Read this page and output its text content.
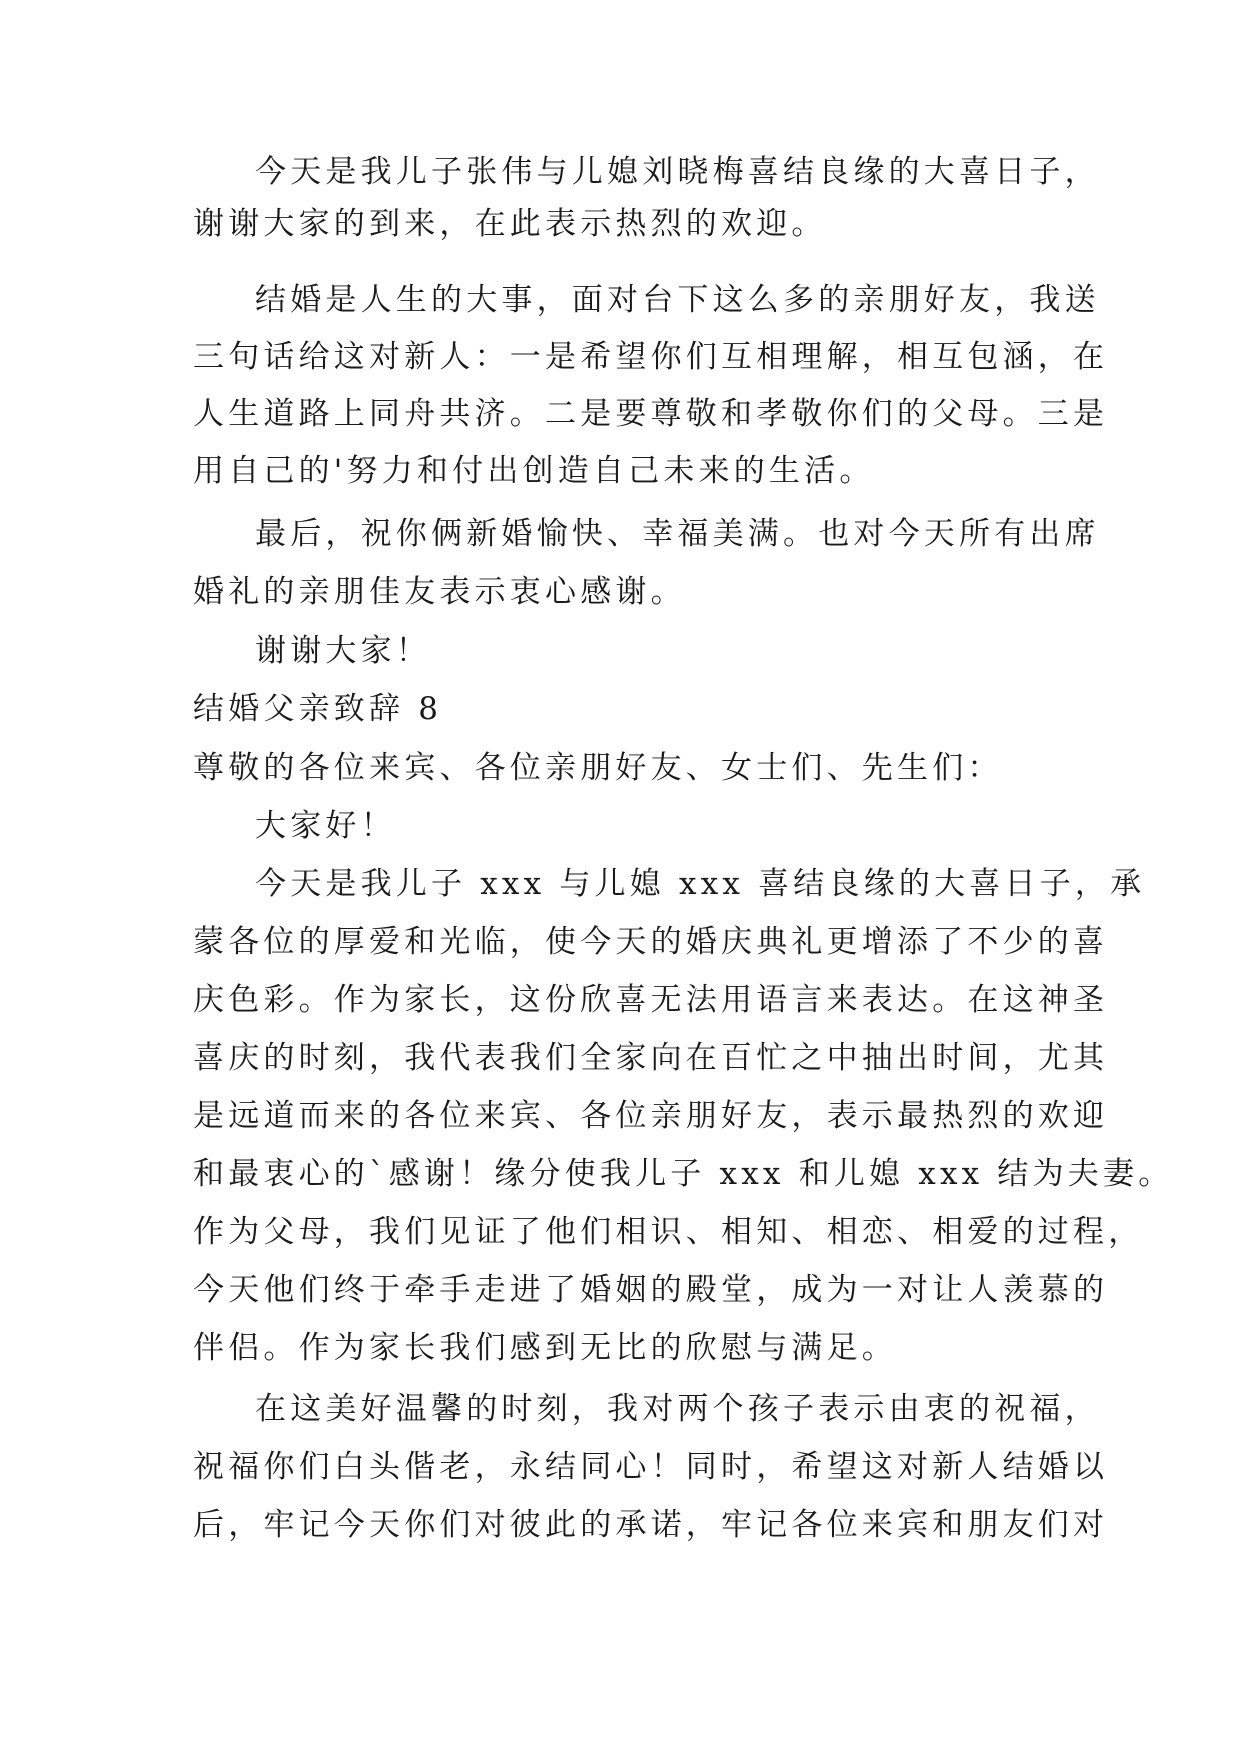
今天是我儿子张伟与儿媳刘晓梅喜结良缘的大喜日子，
谢谢大家的到来，在此表示热烈的欢迎。
结婚是人生的大事，面对台下这么多的亲朋好友，我送
三句话给这对新人：一是希望你们互相理解，相互包涵，在
人生道路上同舟共济。二是要尊敬和孝敬你们的父母。三是
用自己的'努力和付出创造自己未来的生活。
最后，祝你俩新婚愉快、幸福美满。也对今天所有出席
婚礼的亲朋佳友表示衷心感谢。
谢谢大家！
结婚父亲致辞 8
尊敬的各位来宾、各位亲朋好友、女士们、先生们：
大家好！
今天是我儿子 xxx 与儿媳 xxx 喜结良缘的大喜日子，承
蒙各位的厚爱和光临，使今天的婚庆典礼更增添了不少的喜
庆色彩。作为家长，这份欣喜无法用语言来表达。在这神圣
喜庆的时刻，我代表我们全家向在百忙之中抽出时间，尤其
是远道而来的各位来宾、各位亲朋好友，表示最热烈的欢迎
和最衷心的`感谢！缘分使我儿子 xxx 和儿媳 xxx 结为夫妻。
作为父母，我们见证了他们相识、相知、相恋、相爱的过程，
今天他们终于牵手走进了婚姻的殿堂，成为一对让人羡慕的
伴侣。作为家长我们感到无比的欣慰与满足。
在这美好温馨的时刻，我对两个孩子表示由衷的祝福，
祝福你们白头偕老，永结同心！同时，希望这对新人结婚以
后，牢记今天你们对彼此的承诺，牢记各位来宾和朋友们对
